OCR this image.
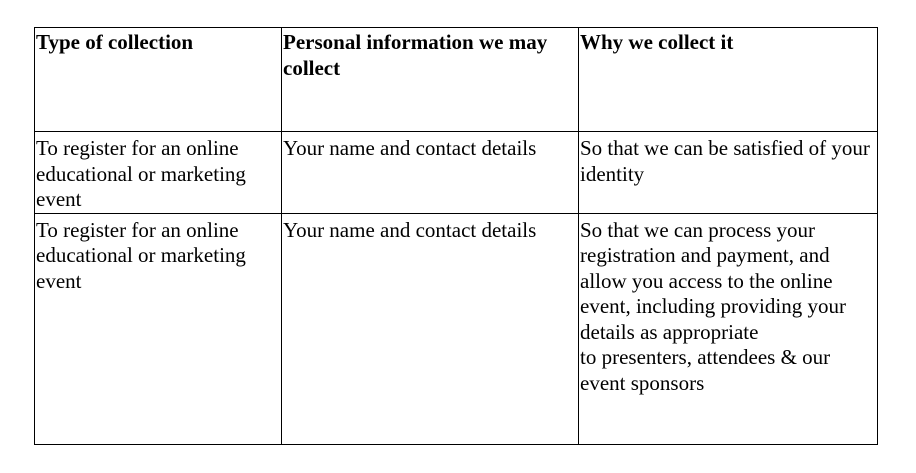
Type of collection	Personal information we may collect	Why we collect it
To register for an online educational or marketing event	Your name and contact details	So that we can be satisfied of your identity

To register for an online educational or marketing event	Your name and contact details	So that we can process your registration and payment, and allow you access to the online event, including providing your details as appropriate
to presenters, attendees & our event sponsors
